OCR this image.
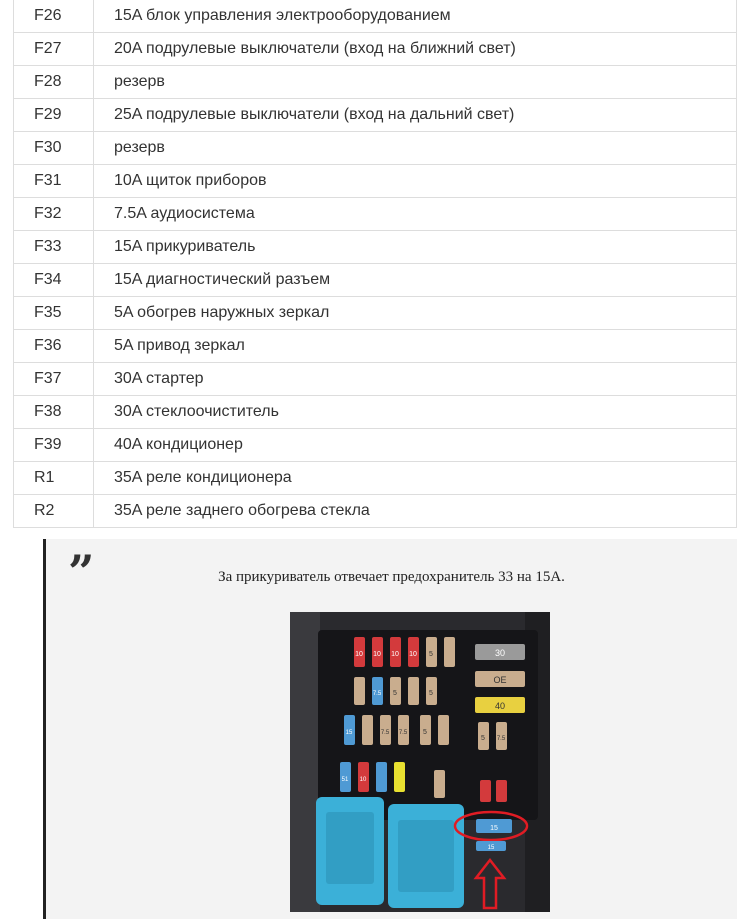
F26	15A блок управления электрооборудованием
F27	20A подрулевые выключатели (вход на ближний свет)
F28	резерв
F29	25A подрулевые выключатели (вход на дальний свет)
F30	резерв
F31	10A щиток приборов
F32	7.5A аудиосистема
F33	15A прикуриватель
F34	15A диагностический разъем
F35	5A обогрев наружных зеркал
F36	5A привод зеркал
F37	30A стартер
F38	30A стеклоочиститель
F39	40A кондиционер
R1	35A реле кондиционера
R2	35A реле заднего обогрева стекла
”	За прикуриватель отвечает предохранитель 33 на 15А.
10 10 10 10 5	30
7.5 5	5
OE
40
15	7.5 7.5 5
5 7.5
51 10
15
15
